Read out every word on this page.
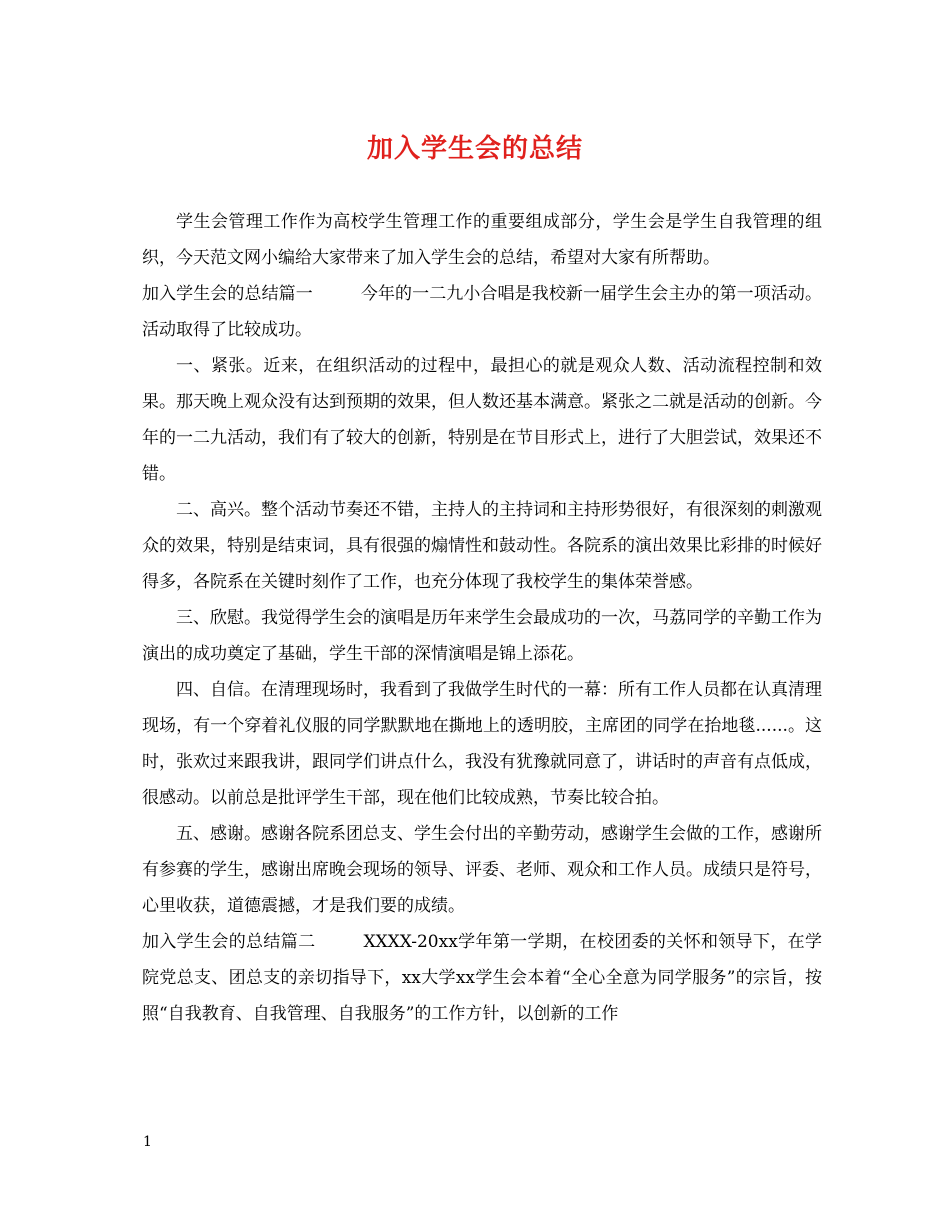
加入学生会的总结

学生会管理工作作为高校学生管理工作的重要组成部分，学生会是学生自我管理的组织，今天范文网小编给大家带来了加入学生会的总结，希望对大家有所帮助。

加入学生会的总结篇一	今年的一二九小合唱是我校新一届学生会主办的第一项活动。活动取得了比较成功。

一、紧张。近来，在组织活动的过程中，最担心的就是观众人数、活动流程控制和效果。那天晚上观众没有达到预期的效果，但人数还基本满意。紧张之二就是活动的创新。今年的一二九活动，我们有了较大的创新，特别是在节目形式上，进行了大胆尝试，效果还不错。

二、高兴。整个活动节奏还不错，主持人的主持词和主持形势很好，有很深刻的刺激观众的效果，特别是结束词，具有很强的煽情性和鼓动性。各院系的演出效果比彩排的时候好得多，各院系在关键时刻作了工作，也充分体现了我校学生的集体荣誉感。

三、欣慰。我觉得学生会的演唱是历年来学生会最成功的一次，马荔同学的辛勤工作为演出的成功奠定了基础，学生干部的深情演唱是锦上添花。

四、自信。在清理现场时，我看到了我做学生时代的一幕：所有工作人员都在认真清理现场，有一个穿着礼仪服的同学默默地在撕地上的透明胶，主席团的同学在抬地毯......。这时，张欢过来跟我讲，跟同学们讲点什么，我没有犹豫就同意了，讲话时的声音有点低成，很感动。以前总是批评学生干部，现在他们比较成熟，节奏比较合拍。

五、感谢。感谢各院系团总支、学生会付出的辛勤劳动，感谢学生会做的工作，感谢所有参赛的学生，感谢出席晚会现场的领导、评委、老师、观众和工作人员。成绩只是符号，心里收获，道德震撼，才是我们要的成绩。

加入学生会的总结篇二	XXXX-20xx学年第一学期，在校团委的关怀和领导下，在学院党总支、团总支的亲切指导下，xx大学xx学生会本着“全心全意为同学服务”的宗旨，按照“自我教育、自我管理、自我服务”的工作方针，以创新的工作

1
